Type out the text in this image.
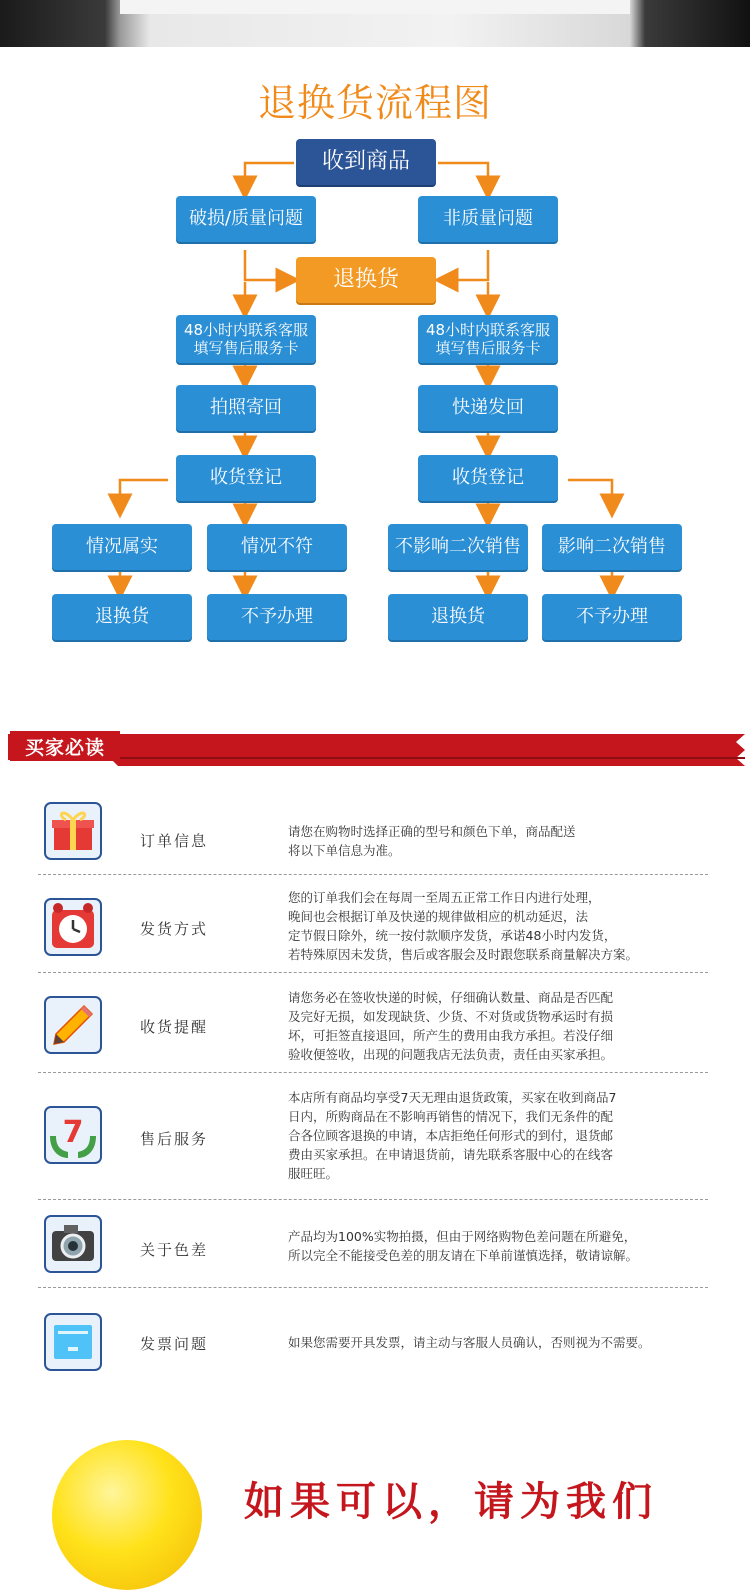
退换货流程图
收到商品
破损/质量问题	非质量问题
退换货
48小时内联系客服
填写售后服务卡
48小时内联系客服
填写售后服务卡
拍照寄回	快递发回
收货登记	收货登记
情况属实	情况不符	不影响二次销售	影响二次销售
退换货	不予办理	退换货	不予办理
买家必读
订单信息
请您在购物时选择正确的型号和颜色下单，商品配送
将以下单信息为准。
发货方式
您的订单我们会在每周一至周五正常工作日内进行处理，
晚间也会根据订单及快递的规律做相应的机动延迟，法
定节假日除外，统一按付款顺序发货，承诺48小时内发货，
若特殊原因未发货，售后或客服会及时跟您联系商量解决方案。
收货提醒
请您务必在签收快递的时候，仔细确认数量、商品是否匹配
及完好无损，如发现缺货、少货、不对货或货物承运时有损
坏，可拒签直接退回，所产生的费用由我方承担。若没仔细
验收便签收，出现的问题我店无法负责，责任由买家承担。
7	售后服务
本店所有商品均享受7天无理由退货政策，买家在收到商品7
日内，所购商品在不影响再销售的情况下，我们无条件的配
合各位顾客退换的申请，本店拒绝任何形式的到付，退货邮
费由买家承担。在申请退货前，请先联系客服中心的在线客
服旺旺。
关于色差
产品均为100%实物拍摄，但由于网络购物色差问题在所避免，
所以完全不能接受色差的朋友请在下单前谨慎选择，敬请谅解。
发票问题	如果您需要开具发票，请主动与客服人员确认，否则视为不需要。
如果可以，请为我们
